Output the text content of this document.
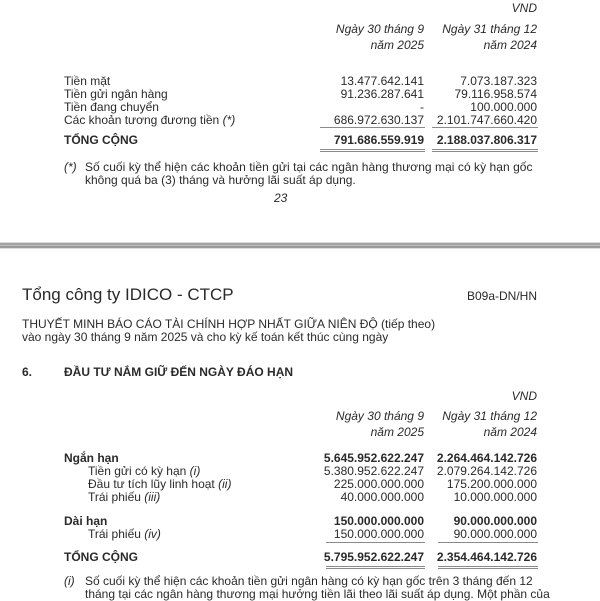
VND
Ngày 30 tháng 9
năm 2025
Ngày 31 tháng 12
năm 2024
Tiền mặt	13.477.642.141	7.073.187.323
Tiền gửi ngân hàng	91.236.287.641	79.116.958.574
Tiền đang chuyển	-	100.000.000
Các khoản tương đương tiền (*)	686.972.630.137 2.101.747.660.420
TỔNG CỘNG	791.686.559.919 2.188.037.806.317
(*) Số cuối kỳ thể hiện các khoản tiền gửi tại các ngân hàng thương mại có kỳ hạn gốc
không quá ba (3) tháng và hưởng lãi suất áp dụng.
23
Tổng công ty IDICO - CTCP	B09a-DN/HN
THUYẾT MINH BÁO CÁO TÀI CHÍNH HỢP NHẤT GIỮA NIÊN ĐỘ (tiếp theo)
vào ngày 30 tháng 9 năm 2025 và cho kỳ kế toán kết thúc cùng ngày
6.	ĐẦU TƯ NẮM GIỮ ĐẾN NGÀY ĐÁO HẠN
VND
Ngày 30 tháng 9
năm 2025
Ngày 31 tháng 12
năm 2024
Ngắn hạn	5.645.952.622.247 2.264.464.142.726
Tiền gửi có kỳ hạn (i)	5.380.952.622.247 2.079.264.142.726
Đầu tư tích lũy linh hoạt (ii)	225.000.000.000 175.200.000.000
Trái phiếu (iii)	40.000.000.000 10.000.000.000
Dài hạn	150.000.000.000 90.000.000.000
Trái phiếu (iv)	150.000.000.000 90.000.000.000
TỔNG CỘNG	5.795.952.622.247 2.354.464.142.726
(i) Số cuối kỳ thể hiện các khoản tiền gửi ngân hàng có kỳ hạn gốc trên 3 tháng đến 12
tháng tại các ngân hàng thương mại hưởng tiền lãi theo lãi suất áp dụng. Một phần của
